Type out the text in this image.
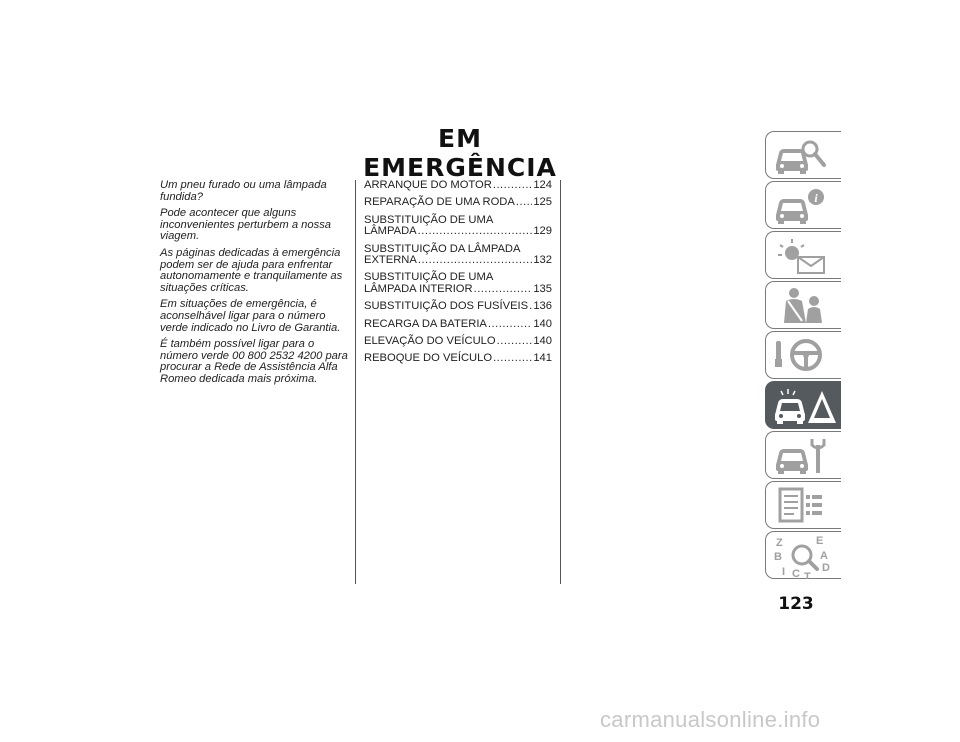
EM EMERGÊNCIA

Um pneu furado ou uma lâmpada fundida?

Pode acontecer que alguns inconvenientes perturbem a nossa viagem.

As páginas dedicadas à emergência podem ser de ajuda para enfrentar autonomamente e tranquilamente as situações críticas.

Em situações de emergência, é aconselhável ligar para o número verde indicado no Livro de Garantia.

É também possível ligar para o número verde 00 800 2532 4200 para procurar a Rede de Assistência Alfa Romeo dedicada mais próxima.

ARRANQUE DO MOTOR .....	124
REPARAÇÃO DE UMA RODA ..... 125
SUBSTITUIÇÃO DE UMA
LÂMPADA .....	129
SUBSTITUIÇÃO DA LÂMPADA
EXTERNA .....	132
SUBSTITUIÇÃO DE UMA
LÂMPADA INTERIOR .....	135
SUBSTITUIÇÃO DOS FUSÍVEIS ..... 136
RECARGA DA BATERIA .....	140
ELEVAÇÃO DO VEÍCULO .....	140
REBOQUE DO VEÍCULO .....	141
i
Z	E
B	A
D
C T
I
123
carmanualsonline.info
